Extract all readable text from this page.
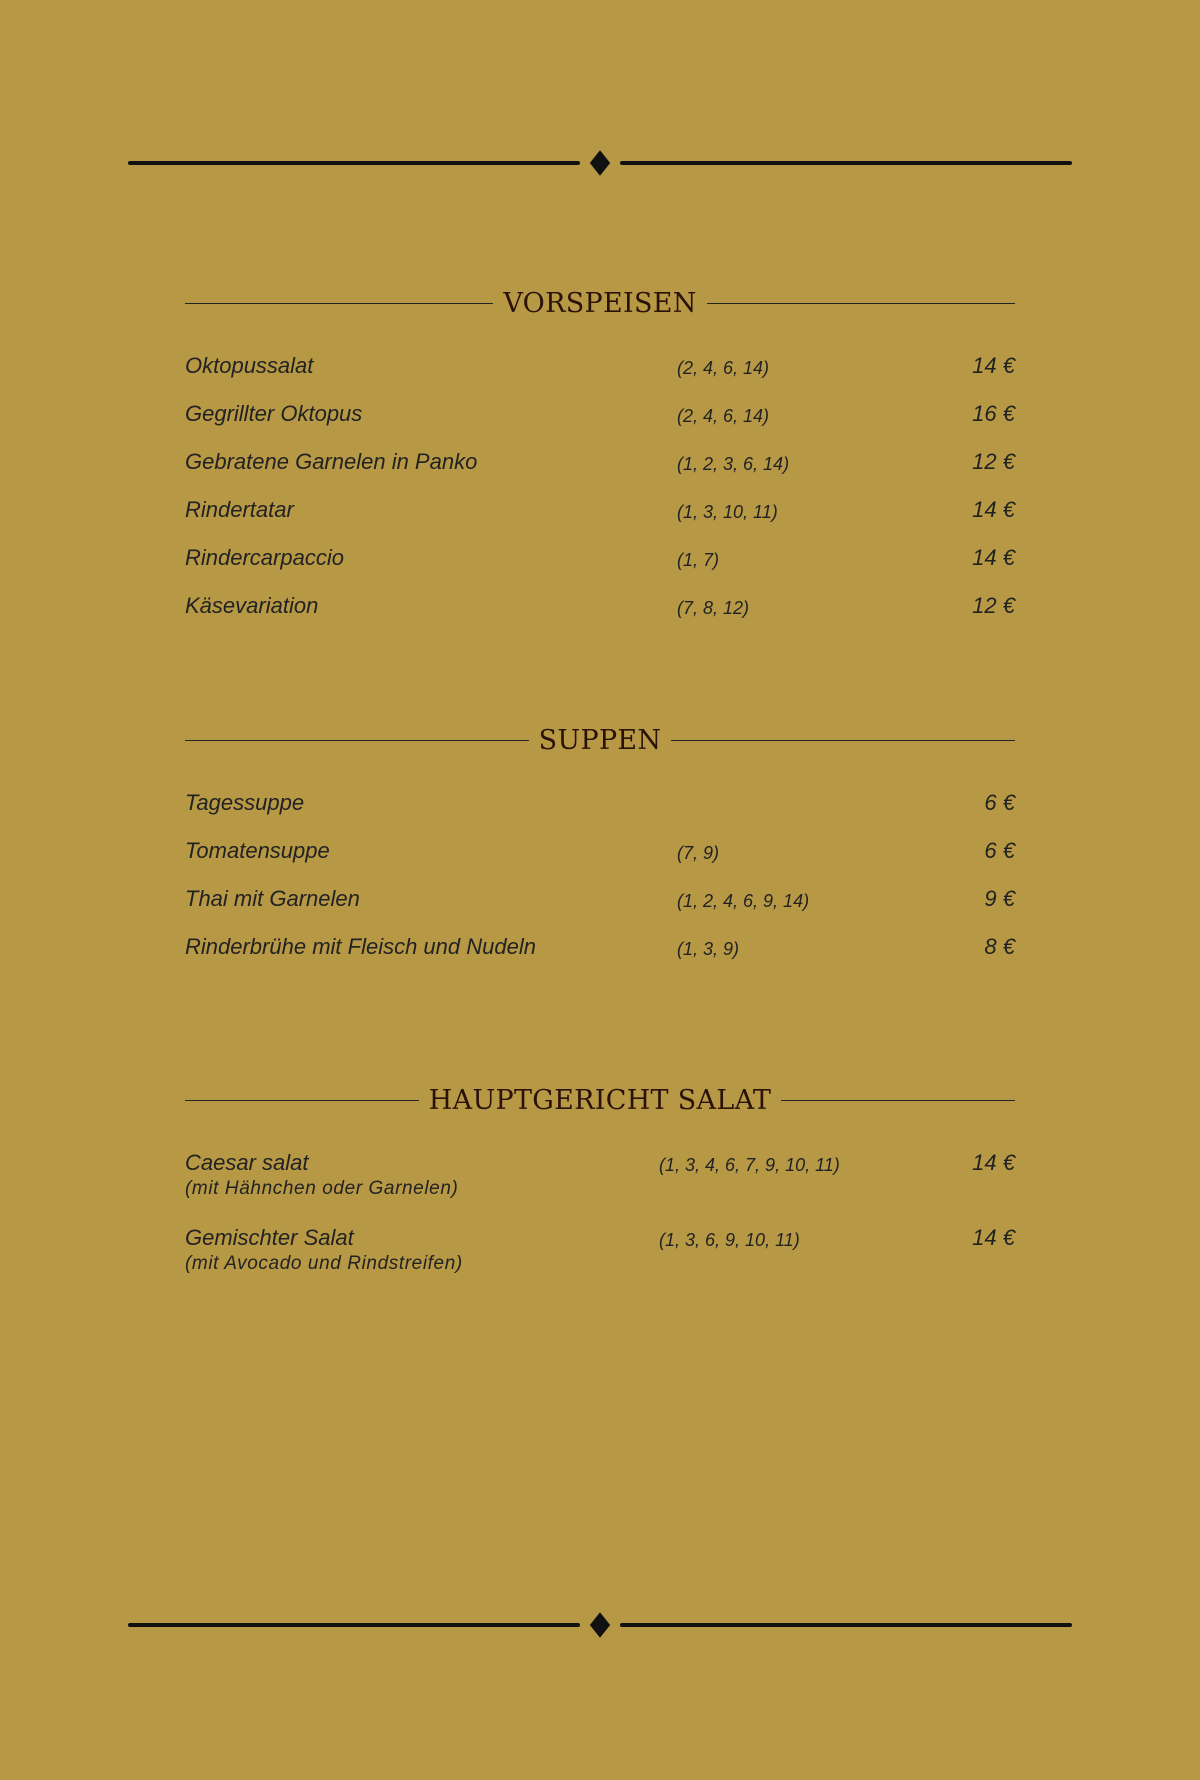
VORSPEISEN
Oktopussalat	(2, 4, 6, 14)	14 €
Gegrillter Oktopus	(2, 4, 6, 14)	16 €
Gebratene Garnelen in Panko	(1, 2, 3, 6, 14)	12 €
Rindertatar	(1, 3, 10, 11)	14 €
Rindercarpaccio	(1, 7)	14 €
Käsevariation	(7, 8, 12)	12 €
SUPPEN
Tagessuppe	6 €
Tomatensuppe	(7, 9)	6 €
Thai mit Garnelen	(1, 2, 4, 6, 9, 14)	9 €
Rinderbrühe mit Fleisch und Nudeln	(1, 3, 9)	8 €
HAUPTGERICHT SALAT
Caesar salat
(mit Hähnchen oder Garnelen)
(1, 3, 4, 6, 7, 9, 10, 11)	14 €
Gemischter Salat
(mit Avocado und Rindstreifen)
(1, 3, 6, 9, 10, 11)	14 €
